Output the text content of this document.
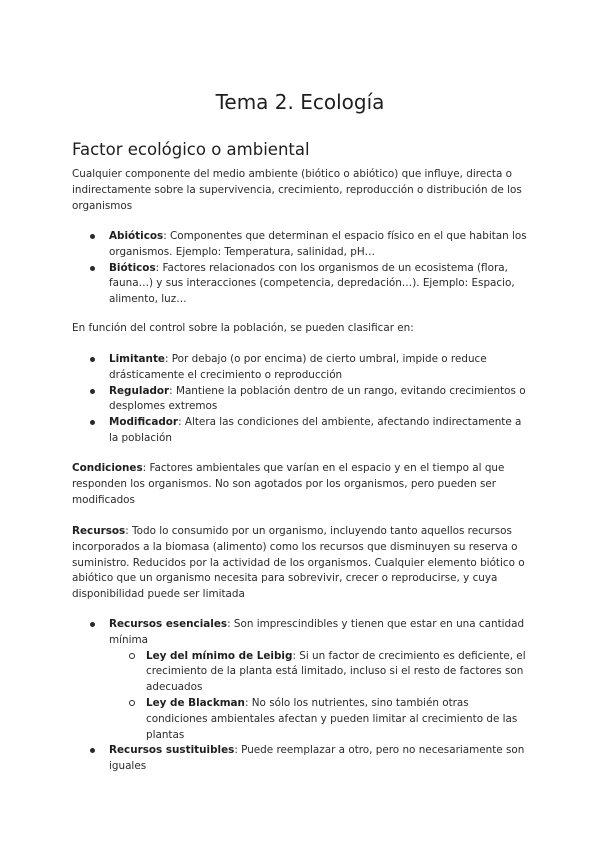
Tema 2. Ecología
Factor ecológico o ambiental

Cualquier componente del medio ambiente (biótico o abiótico) que influye, directa o indirectamente sobre la supervivencia, crecimiento, reproducción o distribución de los organismos

Abióticos: Componentes que determinan el espacio físico en el que habitan los organismos. Ejemplo: Temperatura, salinidad, pH…
Bióticos: Factores relacionados con los organismos de un ecosistema (flora, fauna…) y sus interacciones (competencia, depredación…). Ejemplo: Espacio, alimento, luz…

En función del control sobre la población, se pueden clasificar en:

Limitante: Por debajo (o por encima) de cierto umbral, impide o reduce drásticamente el crecimiento o reproducción
Regulador: Mantiene la población dentro de un rango, evitando crecimientos o desplomes extremos
Modificador: Altera las condiciones del ambiente, afectando indirectamente a la población

Condiciones: Factores ambientales que varían en el espacio y en el tiempo al que responden los organismos. No son agotados por los organismos, pero pueden ser modificados

Recursos: Todo lo consumido por un organismo, incluyendo tanto aquellos recursos incorporados a la biomasa (alimento) como los recursos que disminuyen su reserva o suministro. Reducidos por la actividad de los organismos. Cualquier elemento biótico o abiótico que un organismo necesita para sobrevivir, crecer o reproducirse, y cuya disponibilidad puede ser limitada

Recursos esenciales: Son imprescindibles y tienen que estar en una cantidad mínima
Ley del mínimo de Leibig: Si un factor de crecimiento es deficiente, el crecimiento de la planta está limitado, incluso si el resto de factores son adecuados
Ley de Blackman: No sólo los nutrientes, sino también otras condiciones ambientales afectan y pueden limitar al crecimiento de las plantas
Recursos sustituibles: Puede reemplazar a otro, pero no necesariamente son iguales
